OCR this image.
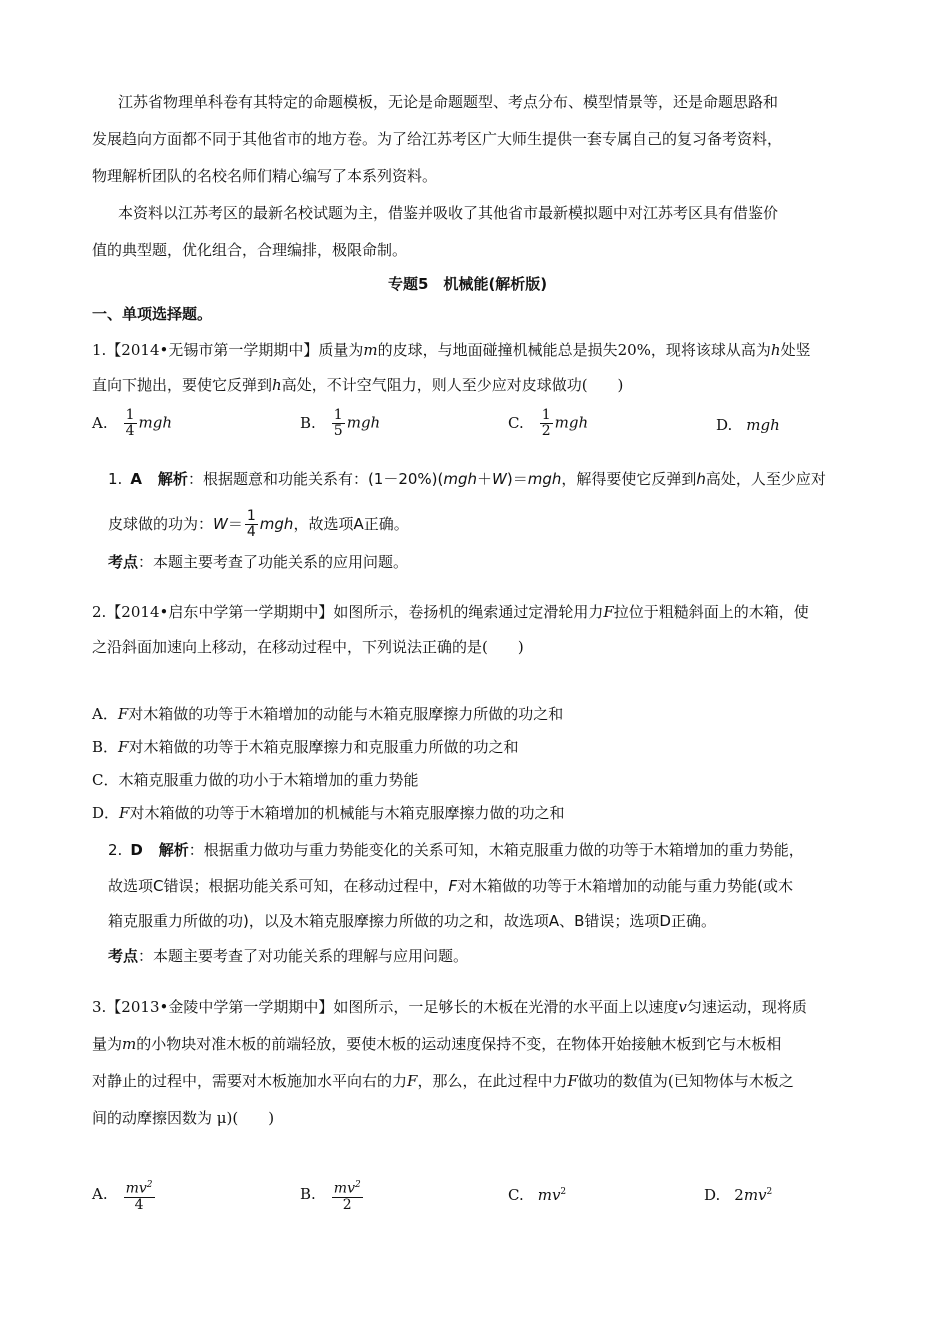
江苏省物理单科卷有其特定的命题模板，无论是命题题型、考点分布、模型情景等，还是命题思路和
发展趋向方面都不同于其他省市的地方卷。为了给江苏考区广大师生提供一套专属自己的复习备考资料，
物理解析团队的名校名师们精心编写了本系列资料。
本资料以江苏考区的最新名校试题为主，借鉴并吸收了其他省市最新模拟题中对江苏考区具有借鉴价
值的典型题，优化组合，合理编排，极限命制。
专题5　机械能(解析版)
一、单项选择题。
1.【2014•无锡市第一学期期中】质量为m的皮球，与地面碰撞机械能总是损失20%，现将该球从高为h处竖
直向下抛出，要使它反弹到h高处，不计空气阻力，则人至少应对皮球做功(　　)
A. $\frac{1}{4}$ mgh	B. $\frac{1}{5}$ mgh	C. $\frac{1}{2}$ mgh	D. mgh
1. A 解析：根据题意和功能关系有：(1－20%)(mgh＋W)＝mgh，解得要使它反弹到h高处，人至少应对
皮球做的功为：$W= \frac{1}{4}$ mgh，故选项A正确。
考点：本题主要考查了功能关系的应用问题。
2.【2014•启东中学第一学期期中】如图所示，卷扬机的绳索通过定滑轮用力F拉位于粗糙斜面上的木箱，使
之沿斜面加速向上移动，在移动过程中，下列说法正确的是(　　)
A．F对木箱做的功等于木箱增加的动能与木箱克服摩擦力所做的功之和
B．F对木箱做的功等于木箱克服摩擦力和克服重力所做的功之和
C．木箱克服重力做的功小于木箱增加的重力势能
D．F对木箱做的功等于木箱增加的机械能与木箱克服摩擦力做的功之和
2. D 解析：根据重力做功与重力势能变化的关系可知，木箱克服重力做的功等于木箱增加的重力势能，
故选项C错误；根据功能关系可知，在移动过程中，F对木箱做的功等于木箱增加的动能与重力势能(或木
箱克服重力所做的功)，以及木箱克服摩擦力所做的功之和，故选项A、B错误；选项D正确。
考点：本题主要考查了对功能关系的理解与应用问题。
3.【2013•金陵中学第一学期期中】如图所示，一足够长的木板在光滑的水平面上以速度v匀速运动，现将质
量为m的小物块对准木板的前端轻放，要使木板的运动速度保持不变，在物体开始接触木板到它与木板相
对静止的过程中，需要对木板施加水平向右的力F，那么，在此过程中力F做功的数值为(已知物体与木板之
间的动摩擦因数为 μ)(　　)
A. $\frac{mv^2}{4}$	B. $\frac{mv^2}{2}$	C. $mv^2$	D. $2mv^2$
